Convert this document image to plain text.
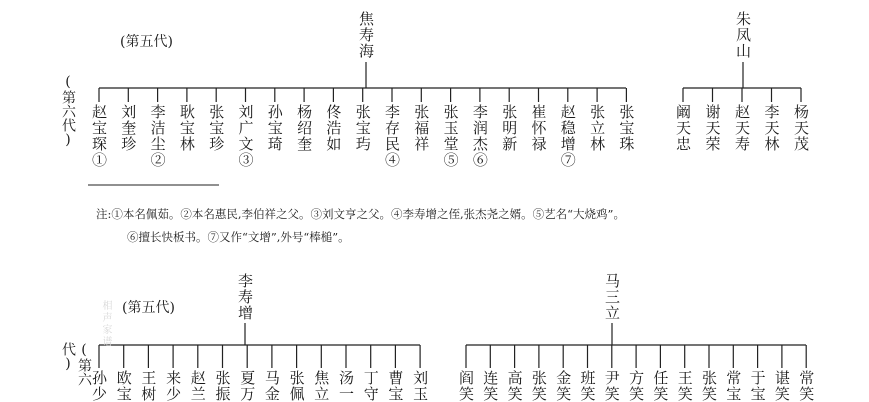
(第五代)
(第六代)
焦寿海	朱凤山
赵宝琛① 刘奎珍 李洁尘② 耿宝林 张宝珍 刘广文③ 孙宝琦 杨绍奎 佟浩如 张宝玙 李存民④ 张福祥 张玉堂⑤ 李润杰⑥ 张明新 崔怀禄 赵稳增⑦ 张立林 张宝珠	阚天忠 谢天荣 赵天寿 李天林 杨天茂
注:①本名佩茹。②本名惠民,李伯祥之父。③刘文亨之父。④李寿增之侄,张杰尧之婿。⑤艺名“大烧鸡”。
⑥擅长快板书。⑦又作“文增”,外号“棒槌”。
(第五代)
(第六代)
李寿增	马三立
孙少 欧宝 王树 来少 赵兰 张振 夏万 马金 张佩 焦立 汤一 丁守 曹宝 刘玉 阎笑 连笑 高笑 张笑 金笑 班笑 尹笑 方笑 任笑 王笑 张笑 常宝 于宝 谌笑 常笑
相声家谱
